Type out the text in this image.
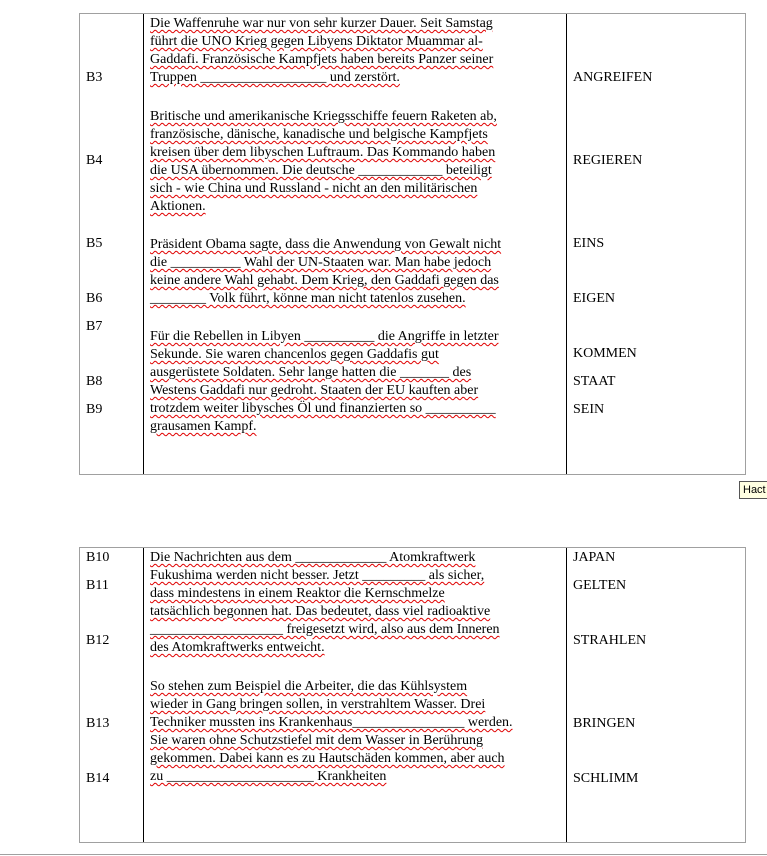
B3
B4
B5
B6
B7
B8
B9
ANGREIFEN
REGIEREN
EINS
EIGEN
KOMMEN
STAAT
SEIN
Die Waffenruhe war nur von sehr kurzer Dauer. Seit Samstag
führt die UNO Krieg gegen Libyens Diktator Muammar al-
Gaddafi. Französische Kampfjets haben bereits Panzer seiner
Truppen __________________ und zerstört.
Britische und amerikanische Kriegsschiffe feuern Raketen ab,
französische, dänische, kanadische und belgische Kampfjets
kreisen über dem libyschen Luftraum. Das Kommando haben
die USA übernommen. Die deutsche ____________ beteiligt
sich - wie China und Russland - nicht an den militärischen
Aktionen.
Präsident Obama sagte, dass die Anwendung von Gewalt nicht
die __________ Wahl der UN-Staaten war. Man habe jedoch
keine andere Wahl gehabt. Dem Krieg, den Gaddafi gegen das
________ Volk führt, könne man nicht tatenlos zusehen.
Für die Rebellen in Libyen __________ die Angriffe in letzter
Sekunde. Sie waren chancenlos gegen Gaddafis gut
ausgerüstete Soldaten. Sehr lange hatten die _______ des
Westens Gaddafi nur gedroht. Staaten der EU kauften aber
trotzdem weiter libysches Öl und finanzierten so __________
grausamen Kampf.
Hact
B10
B11
B12
B13
B14
JAPAN
GELTEN
STRAHLEN
BRINGEN
SCHLIMM
Die Nachrichten aus dem _____________ Atomkraftwerk
Fukushima werden nicht besser. Jetzt _________ als sicher,
dass mindestens in einem Reaktor die Kernschmelze
tatsächlich begonnen hat. Das bedeutet, dass viel radioaktive
___________________ freigesetzt wird, also aus dem Inneren
des Atomkraftwerks entweicht.
So stehen zum Beispiel die Arbeiter, die das Kühlsystem
wieder in Gang bringen sollen, in verstrahltem Wasser. Drei
Techniker mussten ins Krankenhaus________________ werden.
Sie waren ohne Schutzstiefel mit dem Wasser in Berührung
gekommen. Dabei kann es zu Hautschäden kommen, aber auch
zu _____________________ Krankheiten
